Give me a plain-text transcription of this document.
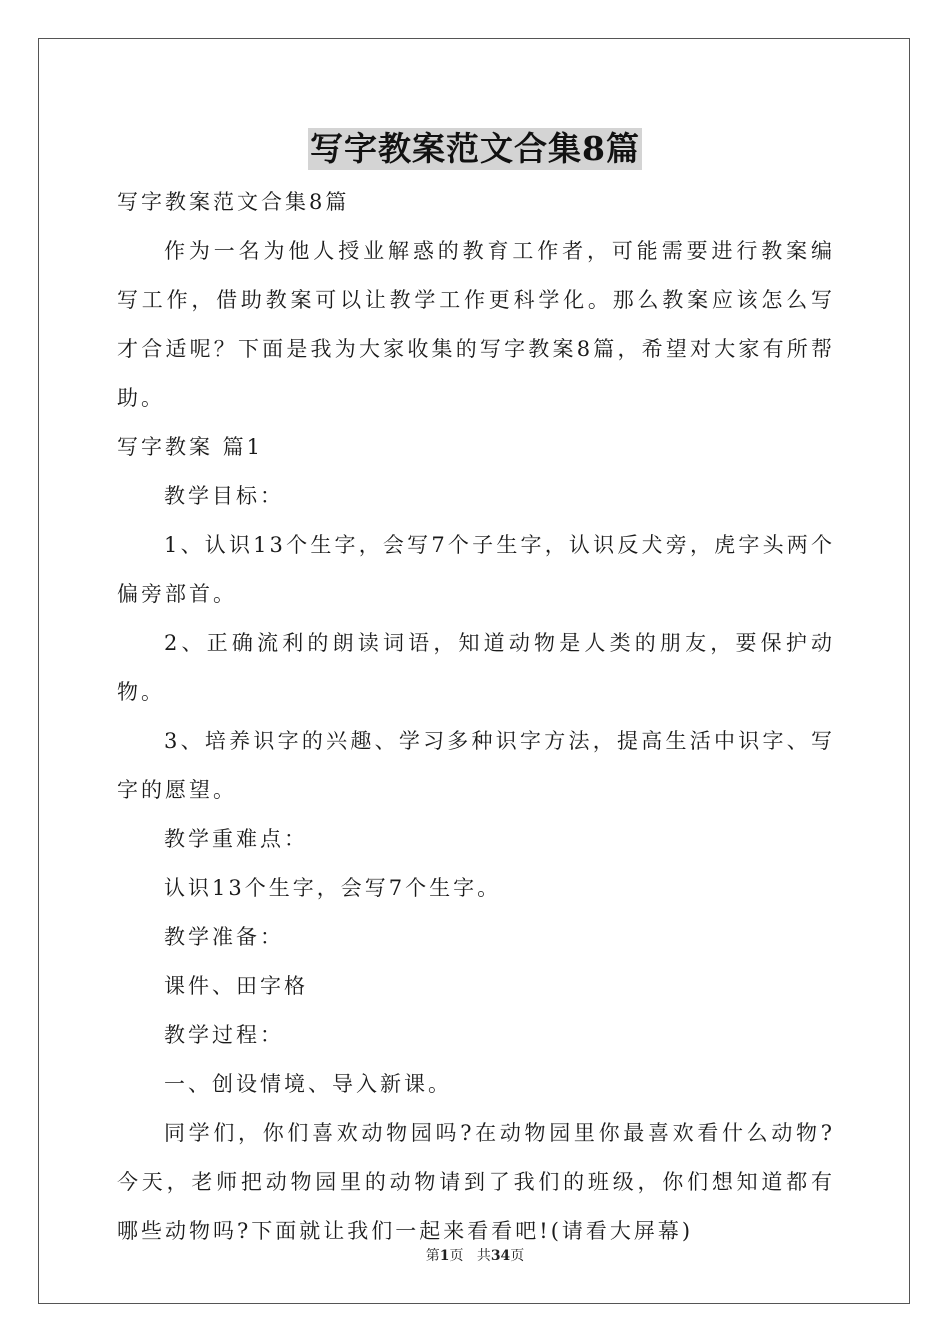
写字教案范文合集8篇

写字教案范文合集8篇

作为一名为他人授业解惑的教育工作者，可能需要进行教案编写工作，借助教案可以让教学工作更科学化。那么教案应该怎么写才合适呢？下面是我为大家收集的写字教案8篇，希望对大家有所帮助。

写字教案 篇1

教学目标：

1、认识13个生字，会写7个子生字，认识反犬旁，虎字头两个偏旁部首。

2、正确流利的朗读词语，知道动物是人类的朋友，要保护动物。

3、培养识字的兴趣、学习多种识字方法，提高生活中识字、写字的愿望。

教学重难点：

认识13个生字，会写7个生字。

教学准备：

课件、田字格

教学过程：

一、创设情境、导入新课。

同学们，你们喜欢动物园吗?在动物园里你最喜欢看什么动物?今天，老师把动物园里的动物请到了我们的班级，你们想知道都有哪些动物吗?下面就让我们一起来看看吧!(请看大屏幕)

第1页 共34页
